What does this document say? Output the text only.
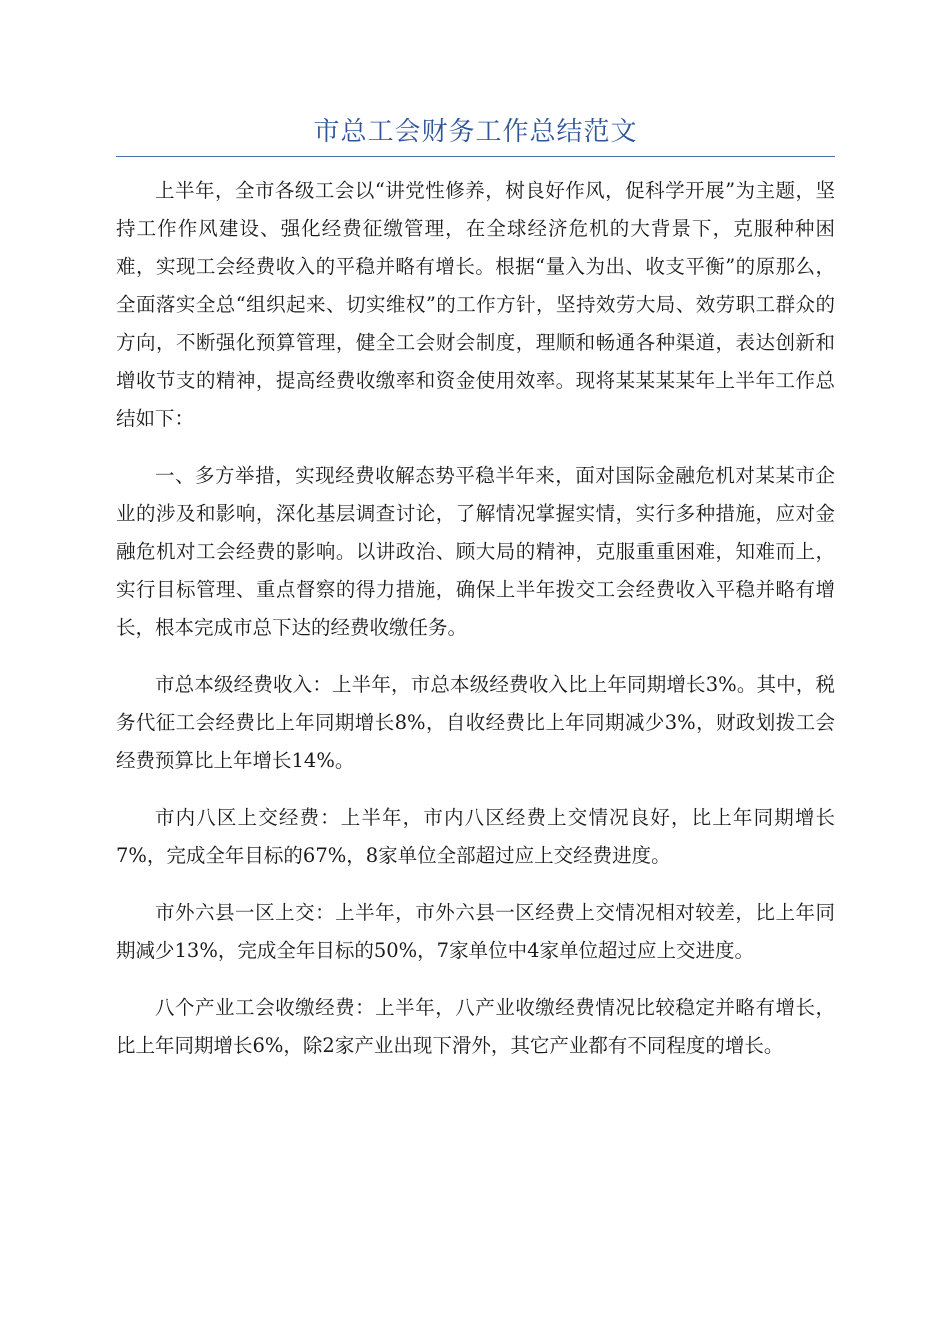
市总工会财务工作总结范文

上半年，全市各级工会以“讲党性修养，树良好作风，促科学开展”为主题，坚持工作作风建设、强化经费征缴管理，在全球经济危机的大背景下，克服种种困难，实现工会经费收入的平稳并略有增长。根据“量入为出、收支平衡”的原那么，全面落实全总“组织起来、切实维权”的工作方针，坚持效劳大局、效劳职工群众的方向，不断强化预算管理，健全工会财会制度，理顺和畅通各种渠道，表达创新和增收节支的精神，提高经费收缴率和资金使用效率。现将某某某某年上半年工作总结如下：

一、多方举措，实现经费收解态势平稳半年来，面对国际金融危机对某某市企业的涉及和影响，深化基层调查讨论，了解情况掌握实情，实行多种措施，应对金融危机对工会经费的影响。以讲政治、顾大局的精神，克服重重困难，知难而上，实行目标管理、重点督察的得力措施，确保上半年拨交工会经费收入平稳并略有增长，根本完成市总下达的经费收缴任务。

市总本级经费收入：上半年，市总本级经费收入比上年同期增长3%。其中，税务代征工会经费比上年同期增长8%，自收经费比上年同期减少3%，财政划拨工会经费预算比上年增长14%。

市内八区上交经费：上半年，市内八区经费上交情况良好，比上年同期增长7%，完成全年目标的67%，8家单位全部超过应上交经费进度。

市外六县一区上交：上半年，市外六县一区经费上交情况相对较差，比上年同期减少13%，完成全年目标的50%，7家单位中4家单位超过应上交进度。

八个产业工会收缴经费：上半年，八产业收缴经费情况比较稳定并略有增长，比上年同期增长6%，除2家产业出现下滑外，其它产业都有不同程度的增长。
